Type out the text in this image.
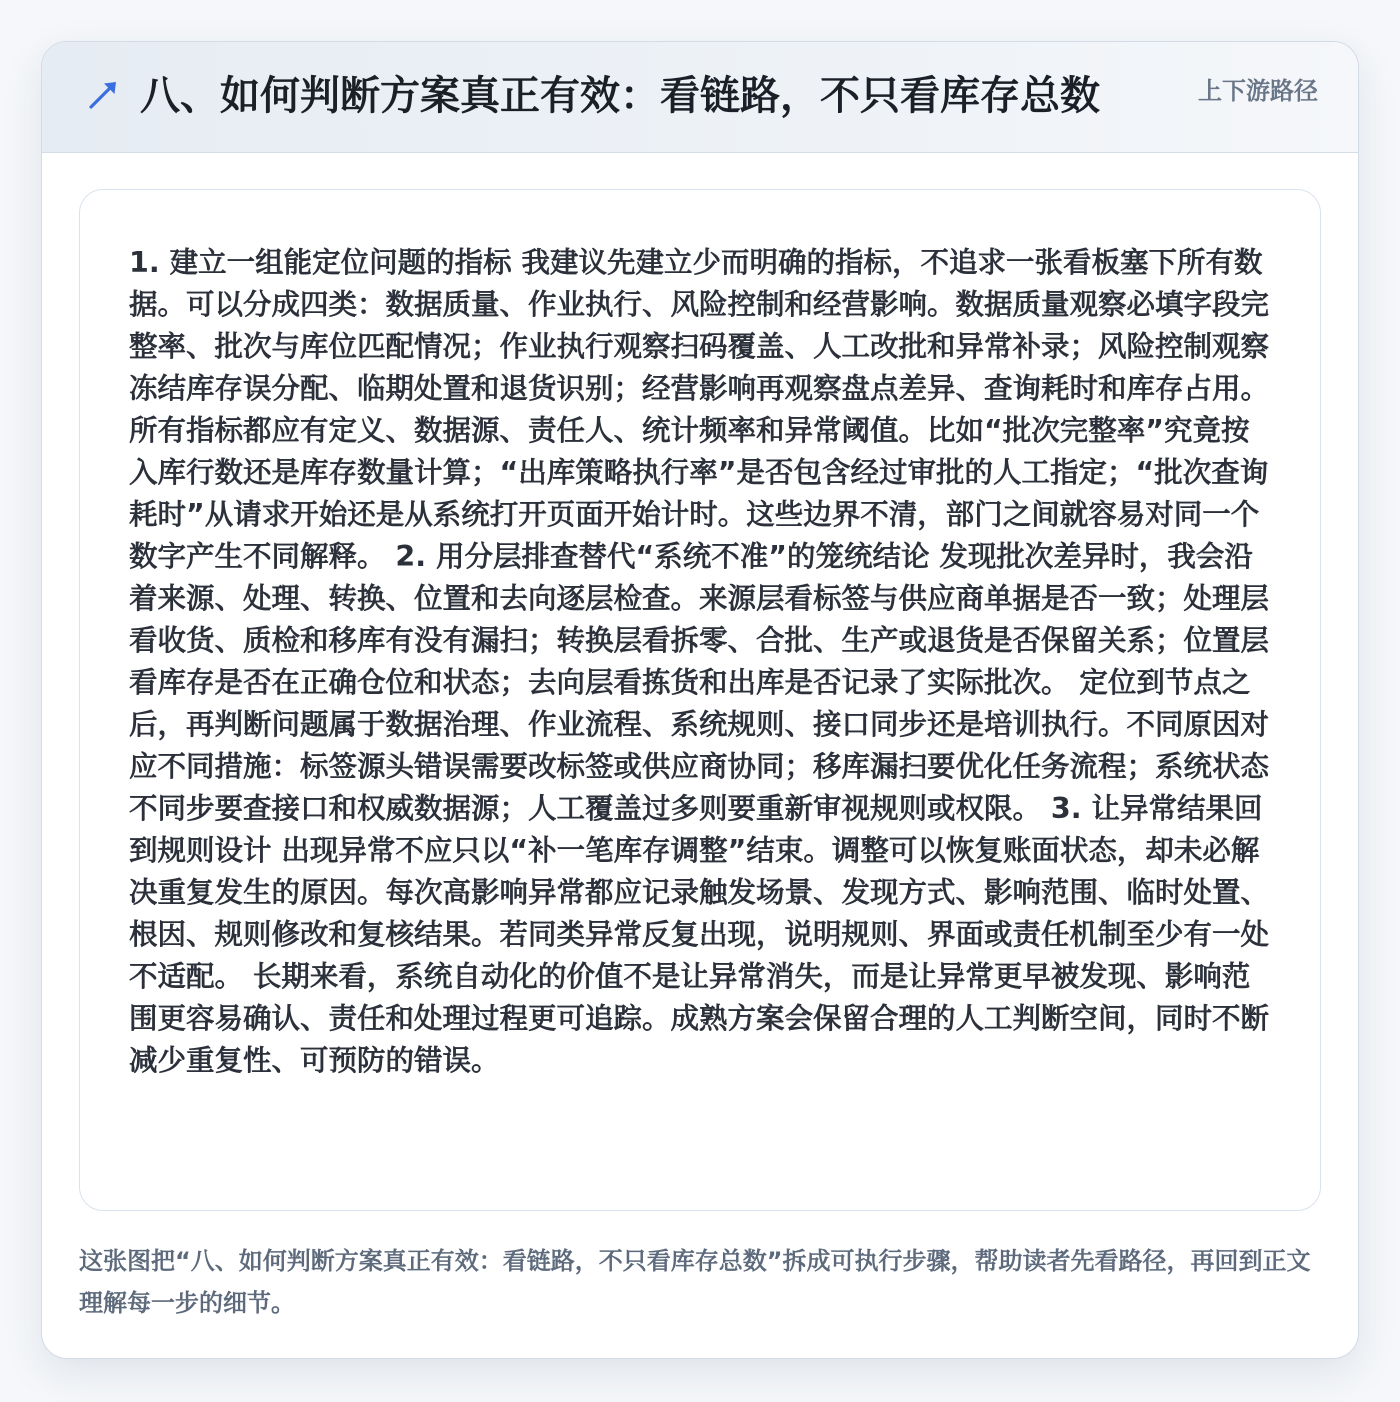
八、如何判断方案真正有效：看链路，不只看库存总数	上下游路径

1. 建立一组能定位问题的指标 我建议先建立少而明确的指标，不追求一张看板塞下所有数据。可以分成四类：数据质量、作业执行、风险控制和经营影响。数据质量观察必填字段完整率、批次与库位匹配情况；作业执行观察扫码覆盖、人工改批和异常补录；风险控制观察冻结库存误分配、临期处置和退货识别；经营影响再观察盘点差异、查询耗时和库存占用。 所有指标都应有定义、数据源、责任人、统计频率和异常阈值。比如“批次完整率”究竟按入库行数还是库存数量计算；“出库策略执行率”是否包含经过审批的人工指定；“批次查询耗时”从请求开始还是从系统打开页面开始计时。这些边界不清，部门之间就容易对同一个数字产生不同解释。 2. 用分层排查替代“系统不准”的笼统结论 发现批次差异时，我会沿着来源、处理、转换、位置和去向逐层检查。来源层看标签与供应商单据是否一致；处理层看收货、质检和移库有没有漏扫；转换层看拆零、合批、生产或退货是否保留关系；位置层看库存是否在正确仓位和状态；去向层看拣货和出库是否记录了实际批次。 定位到节点之后，再判断问题属于数据治理、作业流程、系统规则、接口同步还是培训执行。不同原因对应不同措施：标签源头错误需要改标签或供应商协同；移库漏扫要优化任务流程；系统状态不同步要查接口和权威数据源；人工覆盖过多则要重新审视规则或权限。 3. 让异常结果回到规则设计 出现异常不应只以“补一笔库存调整”结束。调整可以恢复账面状态，却未必解决重复发生的原因。每次高影响异常都应记录触发场景、发现方式、影响范围、临时处置、根因、规则修改和复核结果。若同类异常反复出现，说明规则、界面或责任机制至少有一处不适配。 长期来看，系统自动化的价值不是让异常消失，而是让异常更早被发现、影响范围更容易确认、责任和处理过程更可追踪。成熟方案会保留合理的人工判断空间，同时不断减少重复性、可预防的错误。

这张图把“八、如何判断方案真正有效：看链路，不只看库存总数”拆成可执行步骤，帮助读者先看路径，再回到正文理解每一步的细节。
